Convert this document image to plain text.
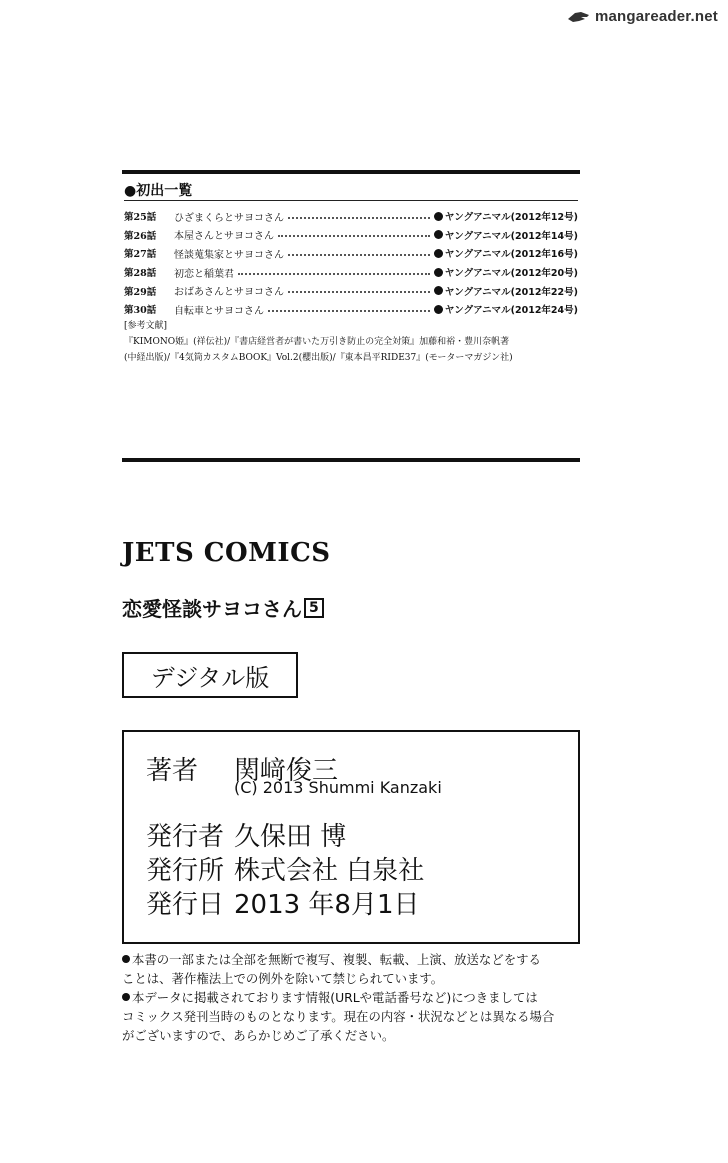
mangareader.net
●初出一覧
第25話	ひざまくらとサヨコさん	ヤングアニマル(2012年12号)
第26話	本屋さんとサヨコさん	ヤングアニマル(2012年14号)
第27話	怪談蒐集家とサヨコさん	ヤングアニマル(2012年16号)
第28話	初恋と稲葉君	ヤングアニマル(2012年20号)
第29話	おばあさんとサヨコさん	ヤングアニマル(2012年22号)
第30話	自転車とサヨコさん	ヤングアニマル(2012年24号)
[参考文献]
『KIMONO姫』(祥伝社)/『書店経営者が書いた万引き防止の完全対策』加藤和裕・豊川奈帆著
(中経出版)/『4気筒カスタムBOOK』Vol.2(櫻出版)/『東本昌平RIDE37』(モーターマガジン社)
JETS COMICS
恋愛怪談サヨコさん 5
デジタル版
著者 関﨑俊三
(C) 2013 Shummi Kanzaki
発行者 久保田 博
発行所 株式会社 白泉社
発行日 2013 年8月1日

本書の一部または全部を無断で複写、複製、転載、上演、放送などをする

ことは、著作権法上での例外を除いて禁じられています。

本データに掲載されております情報(URLや電話番号など)につきましては

コミックス発刊当時のものとなります。現在の内容・状況などとは異なる場合

がございますので、あらかじめご了承ください。
